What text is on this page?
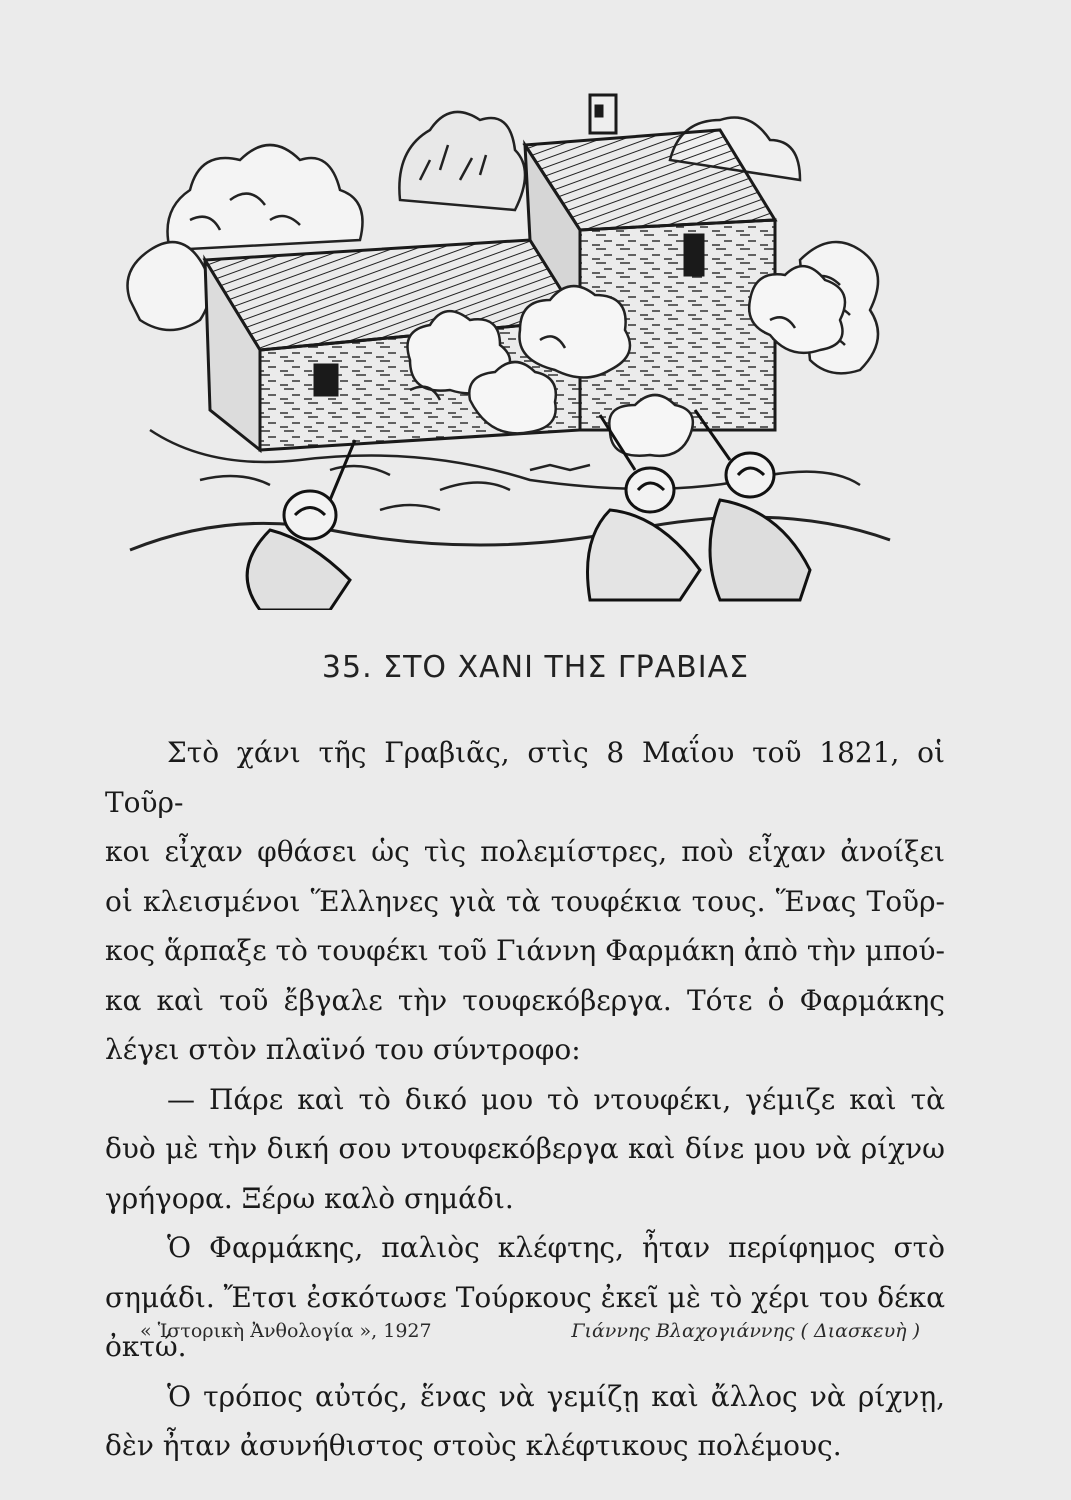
35. ΣΤΟ ΧΑΝΙ ΤΗΣ ΓΡΑΒΙΑΣ

Στὸ χάνι τῆς Γραβιᾶς, στὶς 8 Μαΐου τοῦ 1821, οἱ Τοῦρ-

κοι εἶχαν φθάσει ὡς τὶς πολεμίστρες, ποὺ εἶχαν ἀνοίξει

οἱ κλεισμένοι Ἕλληνες γιὰ τὰ τουφέκια τους. Ἕνας Τοῦρ-

κος ἅρπαξε τὸ τουφέκι τοῦ Γιάννη Φαρμάκη ἀπὸ τὴν μπού-

κα καὶ τοῦ ἔβγαλε τὴν τουφεκόβεργα. Τότε ὁ Φαρμάκης

λέγει στὸν πλαϊνό του σύντροφο:

— Πάρε καὶ τὸ δικό μου τὸ ντουφέκι, γέμιζε καὶ τὰ

δυὸ μὲ τὴν δική σου ντουφεκόβεργα καὶ δίνε μου νὰ ρίχνω

γρήγορα. Ξέρω καλὸ σημάδι.

Ὁ Φαρμάκης, παλιὸς κλέφτης, ἦταν περίφημος στὸ

σημάδι. Ἔτσι ἐσκότωσε Τούρκους ἐκεῖ μὲ τὸ χέρι του δέκα

ὀκτώ.

Ὁ τρόπος αὐτός, ἕνας νὰ γεμίζῃ καὶ ἄλλος νὰ ρίχνῃ,

δὲν ἦταν ἀσυνήθιστος στοὺς κλέφτικους πολέμους.

« Ἱστορικὴ Ἀνθολογία », 1927	Γιάννης Βλαχογιάννης ( Διασκευὴ )
